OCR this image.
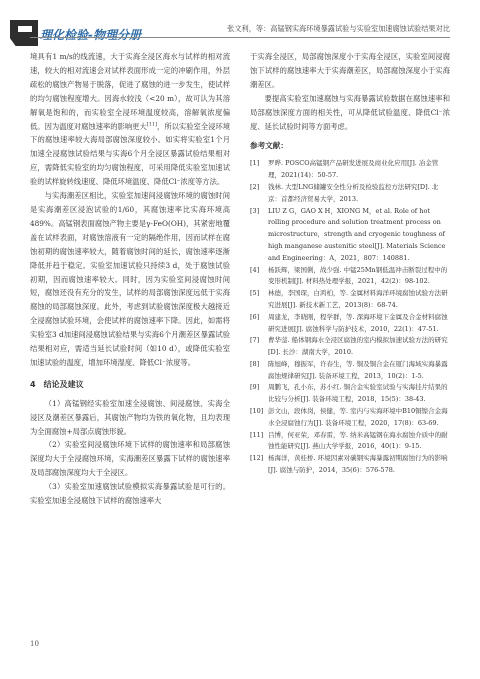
理化检验-物理分册	张文利，等：高锰钢实海环境暴露试验与实验室加速腐蚀试验结果对比

境具有1 m/s的线流速，大于实海全浸区海水与试样的相对流速，较大的相对流速会对试样表面形成一定的冲刷作用，外层疏松的腐蚀产物易于脱落，促进了腐蚀的进一步发生，使试样的均匀腐蚀程度增大。因海水较浅（<20 m），故可认为其溶解氧是饱和的，而实验室全浸环境温度较高，溶解氧浓度偏低。因为温度对腐蚀速率的影响更大[11]，所以实验室全浸环境下的腐蚀速率较大海局部腐蚀深度较小。如实将实验室1个月加速全浸腐蚀试验结果与实海6个月全浸区暴露试验结果相对应，需降低实验室的均匀腐蚀程度，可采用降低实验室加速试验的试样旋转线速度、降低环境温度、降低Cl⁻浓度等方法。

与实海潮差区相比，实验室加速间浸腐蚀环境的腐蚀时间是实海潮差区浸泡试验的1/60，其腐蚀速率比实海环境高489%。高锰钢表面腐蚀产物主要是γ-FeO(OH)，其紧密地覆盖在试样表面，对腐蚀溶液有一定的隔绝作用，因而试样在腐蚀初期的腐蚀速率较大，随着腐蚀时间的延长，腐蚀速率逐渐降低并趋于稳定。实验室加速试验只持续3 d，处于腐蚀试验初期，因而腐蚀速率较大。同时，因为实验室间浸腐蚀时间短，腐蚀还没有充分的发生，试样的局部腐蚀深度远低于实海腐蚀的局部腐蚀深度。此外，考虑到试验腐蚀深度极大越接近全浸腐蚀试验环境，会使试样的腐蚀速率下降。因此，如需将实验室3 d加速间浸腐蚀试验结果与实海6个月潮差区暴露试验结果相对应，需适当延长试验时间（如10 d），或降低实验室加速试验的温度，增加环境湿度、降低Cl⁻浓度等。

4　结论及建议

（1）高锰钢经实验室加速全浸腐蚀、间浸腐蚀、实海全浸区及潮差区暴露后，其腐蚀产物均为铁的氧化物，且均表现为全面腐蚀+局部点腐蚀形貌。

（2）实验室间浸腐蚀环境下试样的腐蚀速率和局部腐蚀深度均大于全浸腐蚀环境，实海潮差区暴露下试样的腐蚀速率及局部腐蚀深度均大于全浸区。

（3）实验室加速腐蚀试验模拟实海暴露试验是可行的。实验室加速全浸腐蚀下试样的腐蚀速率大

于实海全浸区，局部腐蚀深度小于实海全浸区，实验室间浸腐蚀下试样的腐蚀速率大于实海潮差区，局部腐蚀深度小于实海潮差区。

要提高实验室加速腐蚀与实海暴露试验数据在腐蚀速率和局部腐蚀深度方面的相关性，可从降低试验温度、降低Cl⁻浓度、延长试验时间等方面考虑。

参考文献：
[1]	罗晔. POSCO高锰钢产品研发进展及商业化应用[J]. 冶金管理，2021(14)：50-57.
[2]	钱林. 大型LNG储罐安全性分析及检验监控方法研究[D]. 北京：首都经济贸易大学，2013.
[3]	LIU Z G，GAO X H，XIONG M，et al. Role of hot rolling procedure and solution treatment process on microstructure，strength and cryogenic toughness of high manganese austenitic steel[J]. Materials Science and Engineering：A，2021，807：140881.
[4]	杨跃辉，梁国俐，战少强. 中锰25Mn钢低温冲击断裂过程中的变形机制[J]. 材料热处理学报，2021，42(2)：98-102.
[5]	林德，李国琛，白鸿柏，等. 金属材料海洋环境腐蚀试验方法研究进展[J]. 新技术新工艺，2013(8)：68-74.
[6]	周建龙，李晓刚，程学群，等. 深海环境下金属及合金材料腐蚀研究进展[J]. 腐蚀科学与防护技术，2010，22(1)：47-51.
[7]	曹华蓥. 船体钢海水全浸区腐蚀的室内模拟加速试验方法的研究[D]. 长沙：湖南大学，2010.
[8]	陈旭峰，穆振军，许春生，等. 铜及铜合金在厦门海域实海暴露腐蚀规律研究[J]. 装备环境工程，2013，10(2)：1-5.
[9]	周鹏飞，孔小东，苏小红. 铜合金实验室试验与实海挂片结果的比较与分析[J]. 装备环境工程，2018，15(5)：38-43.
[10] 彭文山，段体岗，侯健，等. 室内与实海环境中B10铜镍合金海水全浸腐蚀行为[J]. 装备环境工程，2020，17(8)：63-69.
[11] 吕博，何亚荣，邓春雷，等. 纳米高锰钢在海水腐蚀介质中的耐蚀性能研究[J]. 燕山大学学报，2016，40(1)：9-15.
[12] 杨海洋，黄桂桥. 环境因素对碳钢实海暴露初期腐蚀行为的影响[J]. 腐蚀与防护，2014，35(6)：576-578.
10
